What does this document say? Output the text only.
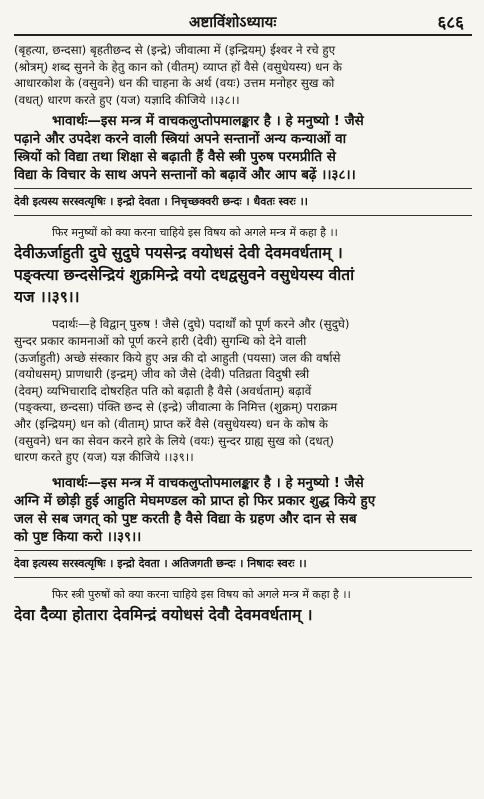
अष्टाविंशोऽध्यायः	६८६
(बृहत्या, छन्दसा) बृहतीछन्द से (इन्द्रे) जीवात्मा में (इन्द्रियम्) ईश्वर ने रचे हुए
(श्रोत्रम्) शब्द सुनने के हेतु कान को (वीतम्) व्याप्त हों वैसे (वसुधेयस्य) धन के
आधारकोश के (वसुवने) धन की चाहना के अर्थ (वयः) उत्तम मनोहर सुख को
(वधत्) धारण करते हुए (यज) यज्ञादि कीजिये ।।३८।।
भावार्थः—इस मन्त्र में वाचकलुप्तोपमालङ्कार है । हे मनुष्यो ! जैसे
पढ़ाने और उपदेश करने वाली स्त्रियां अपने सन्तानों अन्य कन्याओं वा
स्त्रियों को विद्या तथा शिक्षा से बढ़ाती हैं वैसे स्त्री पुरुष परमप्रीति से
विद्या के विचार के साथ अपने सन्तानों को बढ़ावें और आप बढ़ें ।।३८।।
देवी इत्यस्य सरस्वत्यृषिः । इन्द्रो देवता । निचृच्छक्वरी छन्दः । धैवतः स्वरः ।।
फिर मनुष्यों को क्या करना चाहिये इस विषय को अगले मन्त्र में कहा है ।।
देवीऊर्जाहुती दुघे सुदुघे पयसेन्द्र वयोधसं देवी देवमवर्धताम् ।
पङ्क्त्या छन्दसेन्द्रियं शुक्रमिन्द्रे वयो दधद्वसुवने वसुधेयस्य वीतां
यज ।।३९।।
पदार्थः—हे विद्वान् पुरुष ! जैसे (दुघे) पदार्थों को पूर्ण करने और (सुदुघे)
सुन्दर प्रकार कामनाओं को पूर्ण करने हारी (देवी) सुगन्धि को देने वाली
(ऊर्जाहुती) अच्छे संस्कार किये हुए अन्न की दो आहुती (पयसा) जल की वर्षासे
(वयोधसम्) प्राणधारी (इन्द्रम्) जीव को जैसे (देवी) पतिव्रता विदुषी स्त्री
(देवम्) व्यभिचारादि दोषरहित पति को बढ़ाती है वैसे (अवर्धताम्) बढ़ावें
(पङ्क्त्या, छन्दसा) पंक्ति छन्द से (इन्द्रे) जीवात्मा के निमित्त (शुक्रम्) पराक्रम
और (इन्द्रियम्) धन को (वीताम्) प्राप्त करें वैसे (वसुधेयस्य) धन के कोष के
(वसुवने) धन का सेवन करने हारे के लिये (वयः) सुन्दर ग्राह्य सुख को (दधत्)
धारण करते हुए (यज) यज्ञ कीजिये ।।३९।।
भावार्थः—इस मन्त्र में वाचकलुप्तोपमालङ्कार है । हे मनुष्यो ! जैसे
अग्नि में छोड़ी हुई आहुति मेघमण्डल को प्राप्त हो फिर प्रकार शुद्ध किये हुए
जल से सब जगत् को पुष्ट करती है वैसे विद्या के ग्रहण और दान से सब
को पुष्ट किया करो ।।३९।।
देवा इत्यस्य सरस्वत्यृषिः । इन्द्रो देवता । अतिजगती छन्दः । निषादः स्वरः ।।
फिर स्त्री पुरुषों को क्या करना चाहिये इस विषय को अगले मन्त्र में कहा है ।।
देवा दैव्या होतारा देवमिन्द्रं वयोधसं देवौ देवमवर्धताम् ।
